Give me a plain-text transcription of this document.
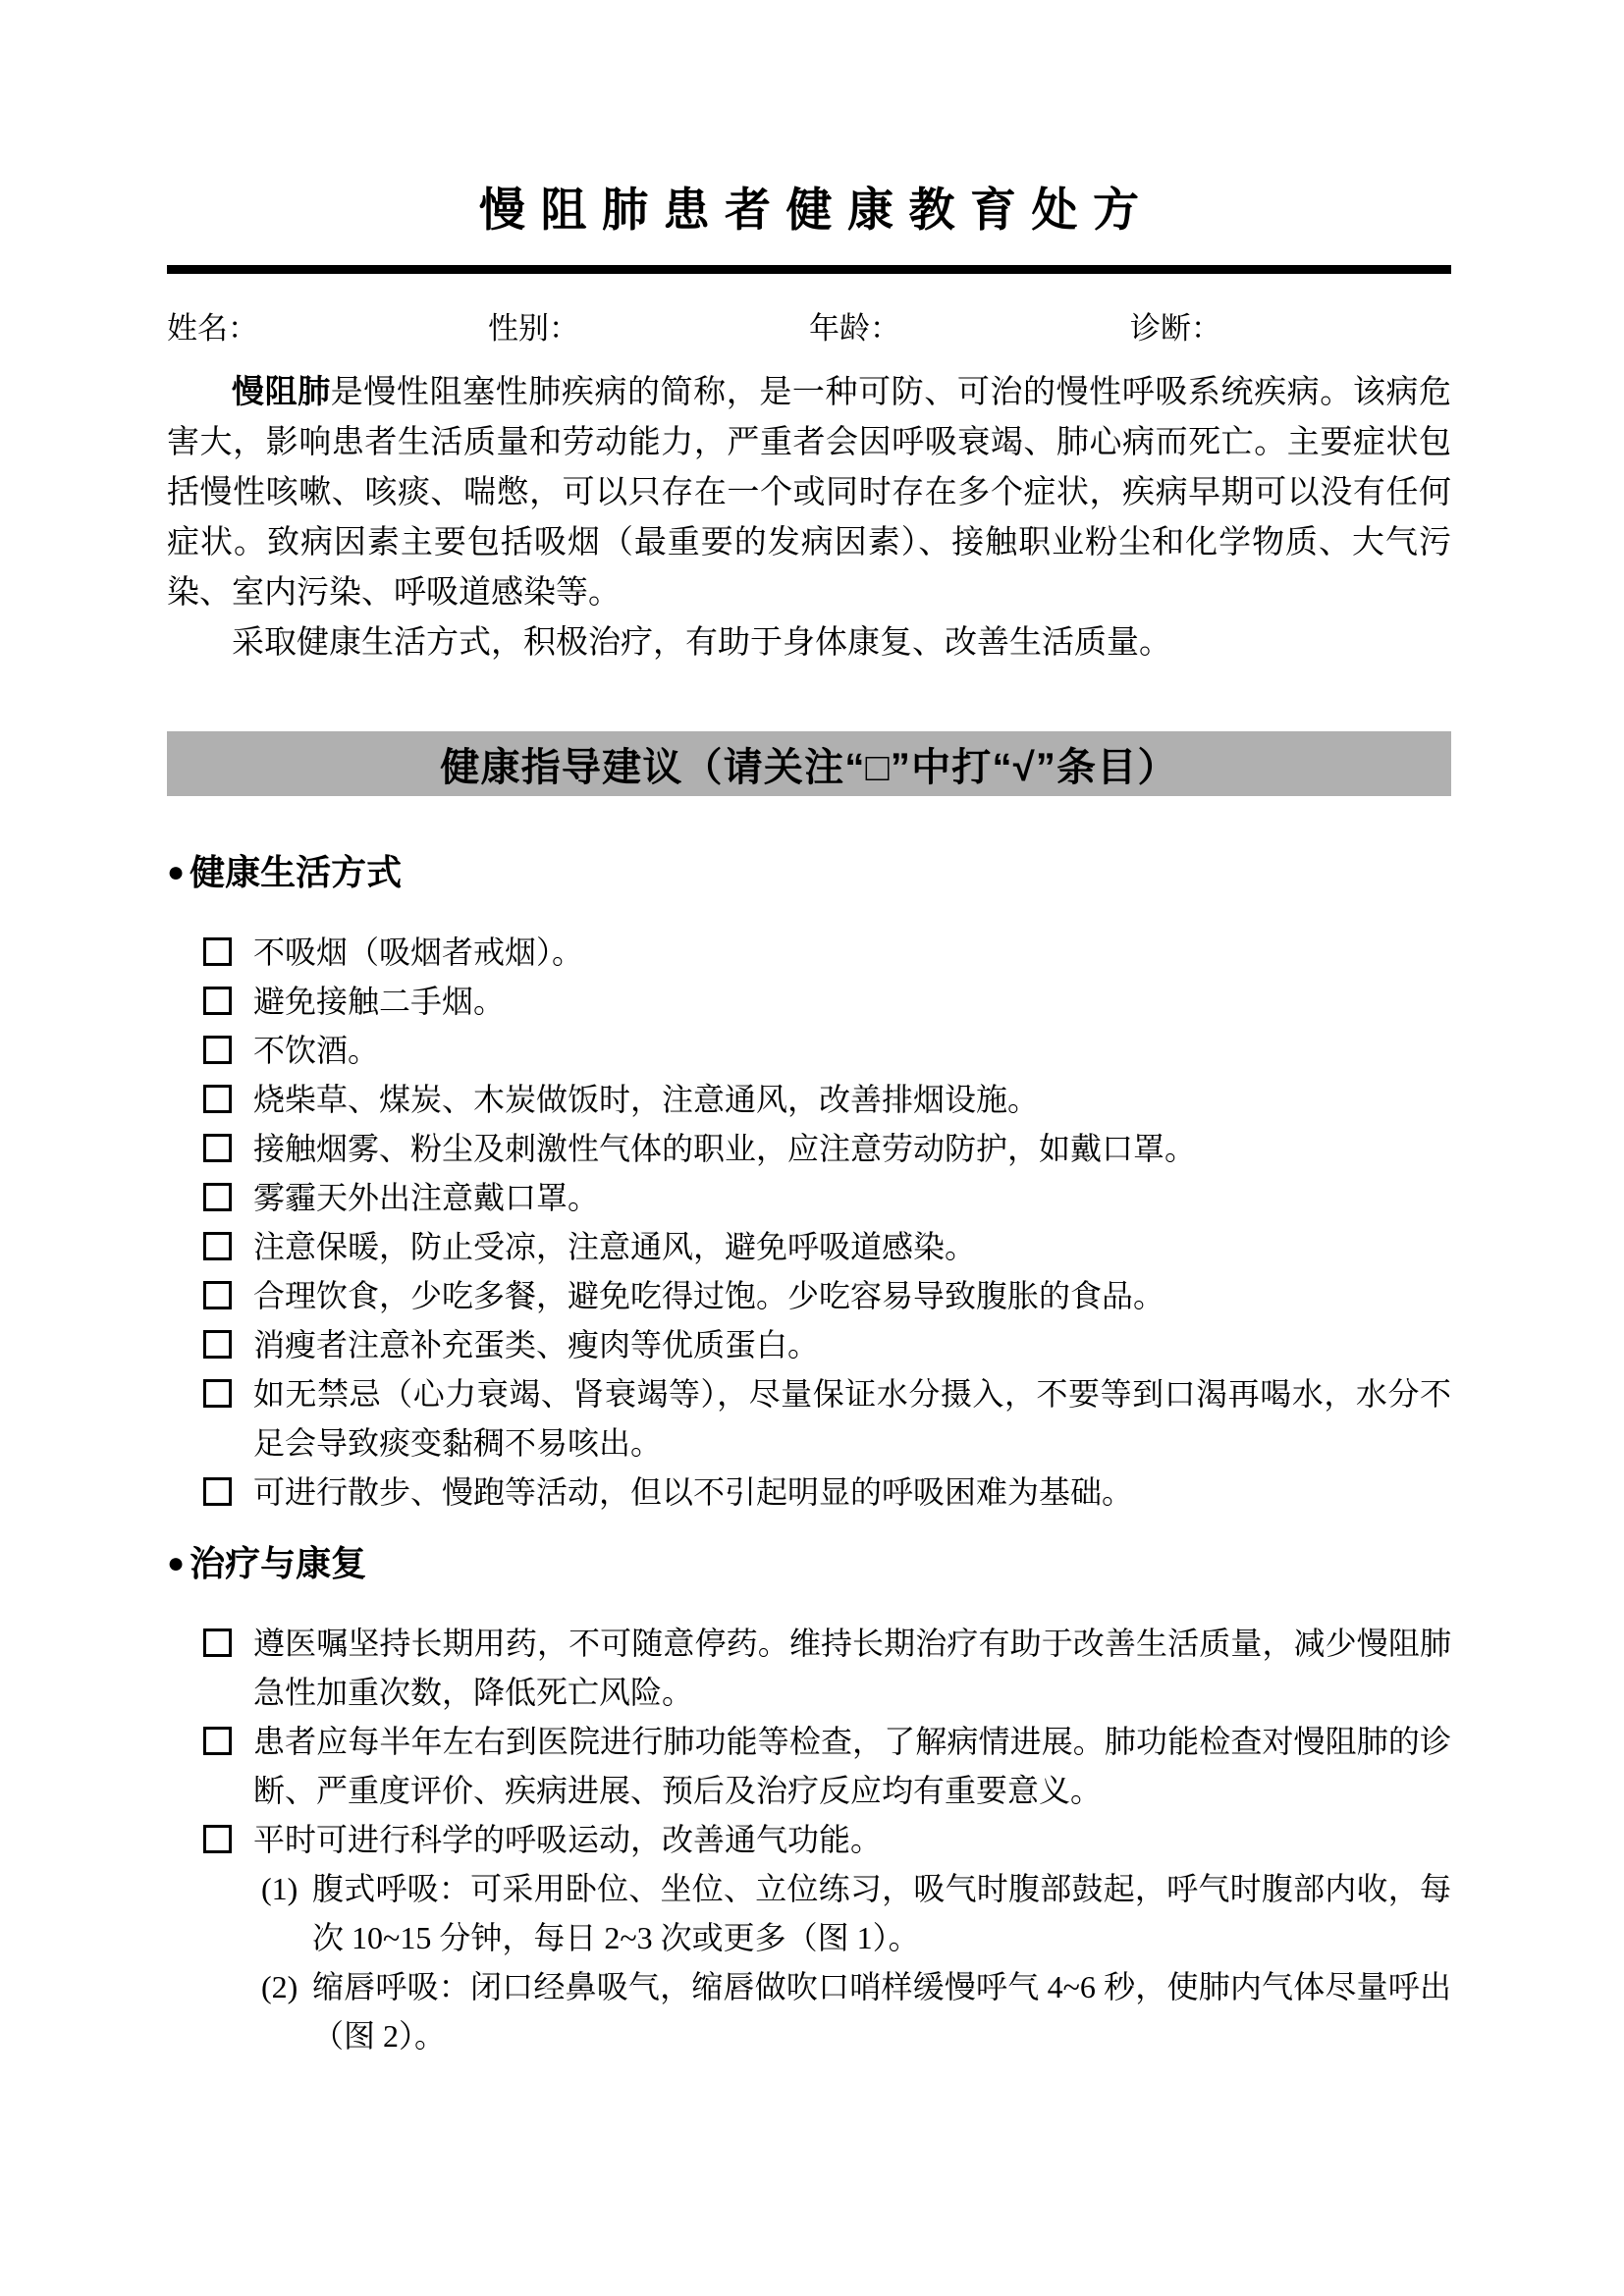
慢阻肺患者健康教育处方
姓名：	性别：	年龄：	诊断：

慢阻肺是慢性阻塞性肺疾病的简称，是一种可防、可治的慢性呼吸系统疾病。该病危害大，影响患者生活质量和劳动能力，严重者会因呼吸衰竭、肺心病而死亡。主要症状包括慢性咳嗽、咳痰、喘憋，可以只存在一个或同时存在多个症状，疾病早期可以没有任何症状。致病因素主要包括吸烟（最重要的发病因素）、接触职业粉尘和化学物质、大气污染、室内污染、呼吸道感染等。

采取健康生活方式，积极治疗，有助于身体康复、改善生活质量。

健康指导建议（请关注“□”中打“√”条目）
● 健康生活方式
不吸烟（吸烟者戒烟）。
避免接触二手烟。
不饮酒。
烧柴草、煤炭、木炭做饭时，注意通风，改善排烟设施。
接触烟雾、粉尘及刺激性气体的职业，应注意劳动防护，如戴口罩。
雾霾天外出注意戴口罩。
注意保暖，防止受凉，注意通风，避免呼吸道感染。
合理饮食，少吃多餐，避免吃得过饱。少吃容易导致腹胀的食品。
消瘦者注意补充蛋类、瘦肉等优质蛋白。
如无禁忌（心力衰竭、肾衰竭等），尽量保证水分摄入，不要等到口渴再喝水，水分不足会导致痰变黏稠不易咳出。
可进行散步、慢跑等活动，但以不引起明显的呼吸困难为基础。
● 治疗与康复
遵医嘱坚持长期用药，不可随意停药。维持长期治疗有助于改善生活质量，减少慢阻肺急性加重次数，降低死亡风险。
患者应每半年左右到医院进行肺功能等检查，了解病情进展。肺功能检查对慢阻肺的诊断、严重度评价、疾病进展、预后及治疗反应均有重要意义。
平时可进行科学的呼吸运动，改善通气功能。
(1) 腹式呼吸：可采用卧位、坐位、立位练习，吸气时腹部鼓起，呼气时腹部内收，每次 10~15 分钟，每日 2~3 次或更多（图 1）。
(2) 缩唇呼吸：闭口经鼻吸气，缩唇做吹口哨样缓慢呼气 4~6 秒，使肺内气体尽量呼出（图 2）。
